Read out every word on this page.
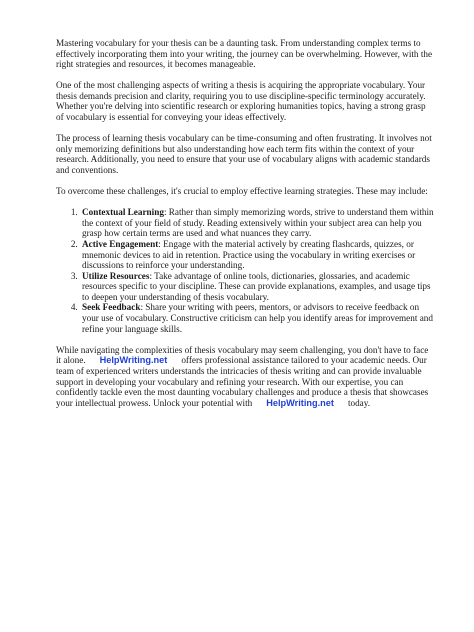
Mastering vocabulary for your thesis can be a daunting task. From understanding complex terms to effectively incorporating them into your writing, the journey can be overwhelming. However, with the right strategies and resources, it becomes manageable.

One of the most challenging aspects of writing a thesis is acquiring the appropriate vocabulary. Your thesis demands precision and clarity, requiring you to use discipline-specific terminology accurately. Whether you're delving into scientific research or exploring humanities topics, having a strong grasp of vocabulary is essential for conveying your ideas effectively.

The process of learning thesis vocabulary can be time-consuming and often frustrating. It involves not only memorizing definitions but also understanding how each term fits within the context of your research. Additionally, you need to ensure that your use of vocabulary aligns with academic standards and conventions.

To overcome these challenges, it's crucial to employ effective learning strategies. These may include:

1. Contextual Learning: Rather than simply memorizing words, strive to understand them within the context of your field of study. Reading extensively within your subject area can help you grasp how certain terms are used and what nuances they carry.
2. Active Engagement: Engage with the material actively by creating flashcards, quizzes, or mnemonic devices to aid in retention. Practice using the vocabulary in writing exercises or discussions to reinforce your understanding.
3. Utilize Resources: Take advantage of online tools, dictionaries, glossaries, and academic resources specific to your discipline. These can provide explanations, examples, and usage tips to deepen your understanding of thesis vocabulary.
4. Seek Feedback: Share your writing with peers, mentors, or advisors to receive feedback on your use of vocabulary. Constructive criticism can help you identify areas for improvement and refine your language skills.

While navigating the complexities of thesis vocabulary may seem challenging, you don't have to face it alone. HelpWriting.net offers professional assistance tailored to your academic needs. Our team of experienced writers understands the intricacies of thesis writing and can provide invaluable support in developing your vocabulary and refining your research. With our expertise, you can confidently tackle even the most daunting vocabulary challenges and produce a thesis that showcases your intellectual prowess. Unlock your potential with HelpWriting.net today.
